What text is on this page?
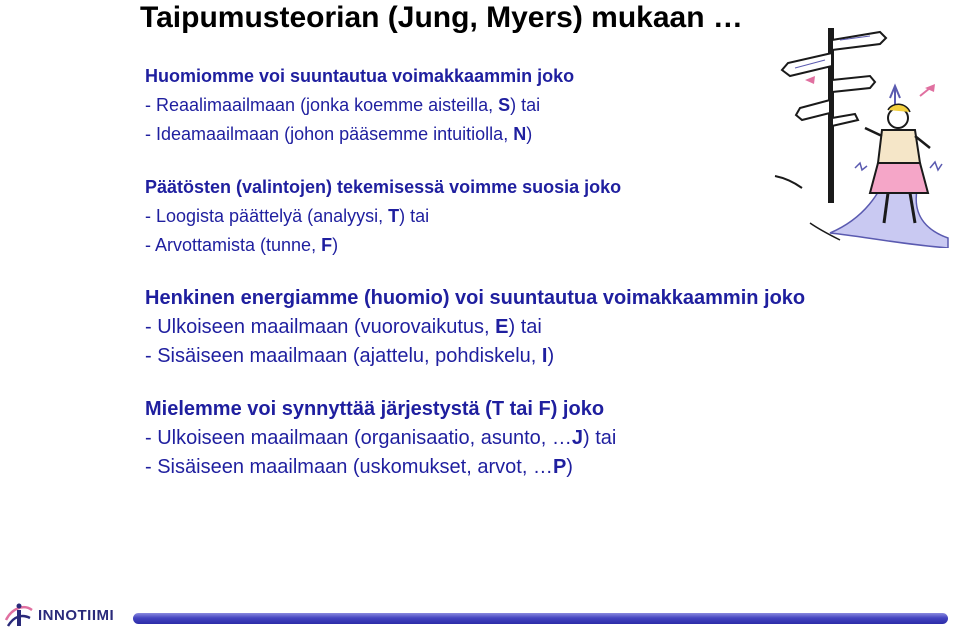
Taipumusteorian (Jung, Myers) mukaan …
Huomiomme voi suuntautua voimakkaammin joko
- Reaalimaailmaan (jonka koemme aisteilla, S) tai
- Ideamaailmaan (johon pääsemme intuitiolla, N)
Päätösten (valintojen) tekemisessä voimme suosia joko
- Loogista päättelyä (analyysi, T) tai
- Arvottamista (tunne, F)
Henkinen energiamme (huomio) voi suuntautua voimakkaammin joko
- Ulkoiseen maailmaan (vuorovaikutus, E) tai
- Sisäiseen maailmaan (ajattelu, pohdiskelu, I)
Mielemme voi synnyttää järjestystä (T tai F) joko
- Ulkoiseen maailmaan (organisaatio, asunto, …J) tai
- Sisäiseen maailmaan (uskomukset, arvot, …P)
INNOTIIMI
